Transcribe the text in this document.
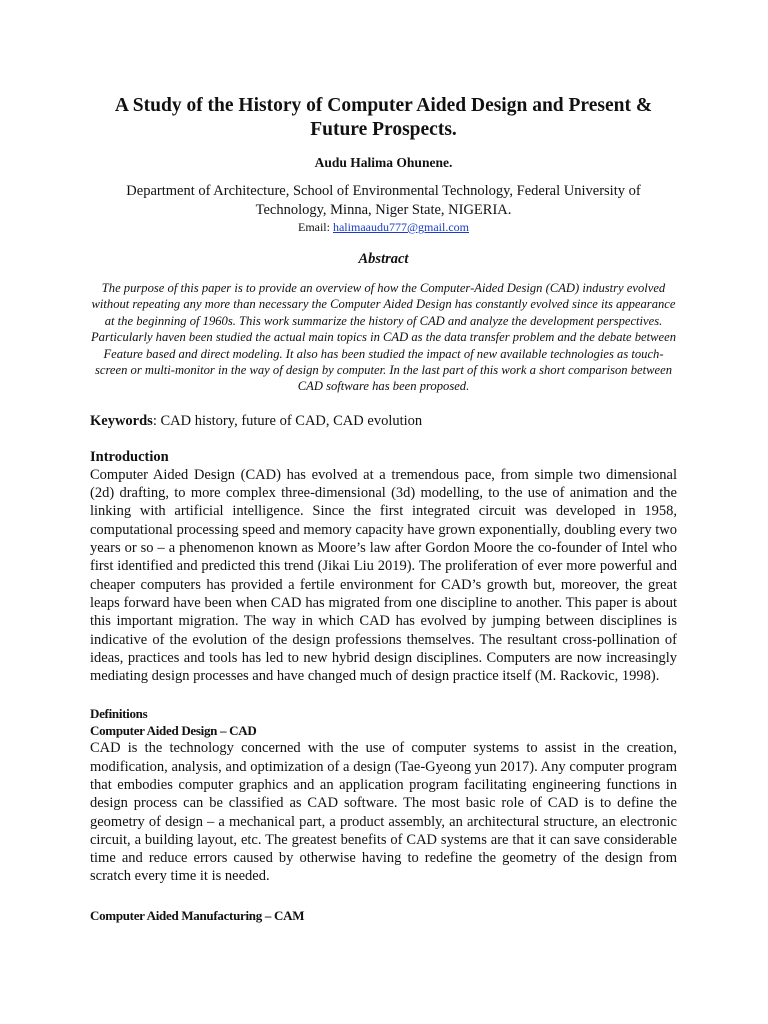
A Study of the History of Computer Aided Design and Present & Future Prospects.

Audu Halima Ohunene.

Department of Architecture, School of Environmental Technology, Federal University of Technology, Minna, Niger State, NIGERIA.

Email: halimaaudu777@gmail.com

Abstract

The purpose of this paper is to provide an overview of how the Computer-Aided Design (CAD) industry evolved without repeating any more than necessary the Computer Aided Design has constantly evolved since its appearance at the beginning of 1960s. This work summarize the history of CAD and analyze the development perspectives. Particularly haven been studied the actual main topics in CAD as the data transfer problem and the debate between Feature based and direct modeling. It also has been studied the impact of new available technologies as touch-screen or multi-monitor in the way of design by computer. In the last part of this work a short comparison between CAD software has been proposed.

Keywords: CAD history, future of CAD, CAD evolution

Introduction

Computer Aided Design (CAD) has evolved at a tremendous pace, from simple two dimensional (2d) drafting, to more complex three-dimensional (3d) modelling, to the use of animation and the linking with artificial intelligence. Since the first integrated circuit was developed in 1958, computational processing speed and memory capacity have grown exponentially, doubling every two years or so – a phenomenon known as Moore’s law after Gordon Moore the co-founder of Intel who first identified and predicted this trend (Jikai Liu 2019). The proliferation of ever more powerful and cheaper computers has provided a fertile environment for CAD’s growth but, moreover, the great leaps forward have been when CAD has migrated from one discipline to another. This paper is about this important migration. The way in which CAD has evolved by jumping between disciplines is indicative of the evolution of the design professions themselves. The resultant cross-pollination of ideas, practices and tools has led to new hybrid design disciplines. Computers are now increasingly mediating design processes and have changed much of design practice itself (M. Rackovic, 1998).

Definitions

Computer Aided Design – CAD

CAD is the technology concerned with the use of computer systems to assist in the creation, modification, analysis, and optimization of a design (Tae-Gyeong yun 2017). Any computer program that embodies computer graphics and an application program facilitating engineering functions in design process can be classified as CAD software. The most basic role of CAD is to define the geometry of design – a mechanical part, a product assembly, an architectural structure, an electronic circuit, a building layout, etc. The greatest benefits of CAD systems are that it can save considerable time and reduce errors caused by otherwise having to redefine the geometry of the design from scratch every time it is needed.

Computer Aided Manufacturing – CAM
